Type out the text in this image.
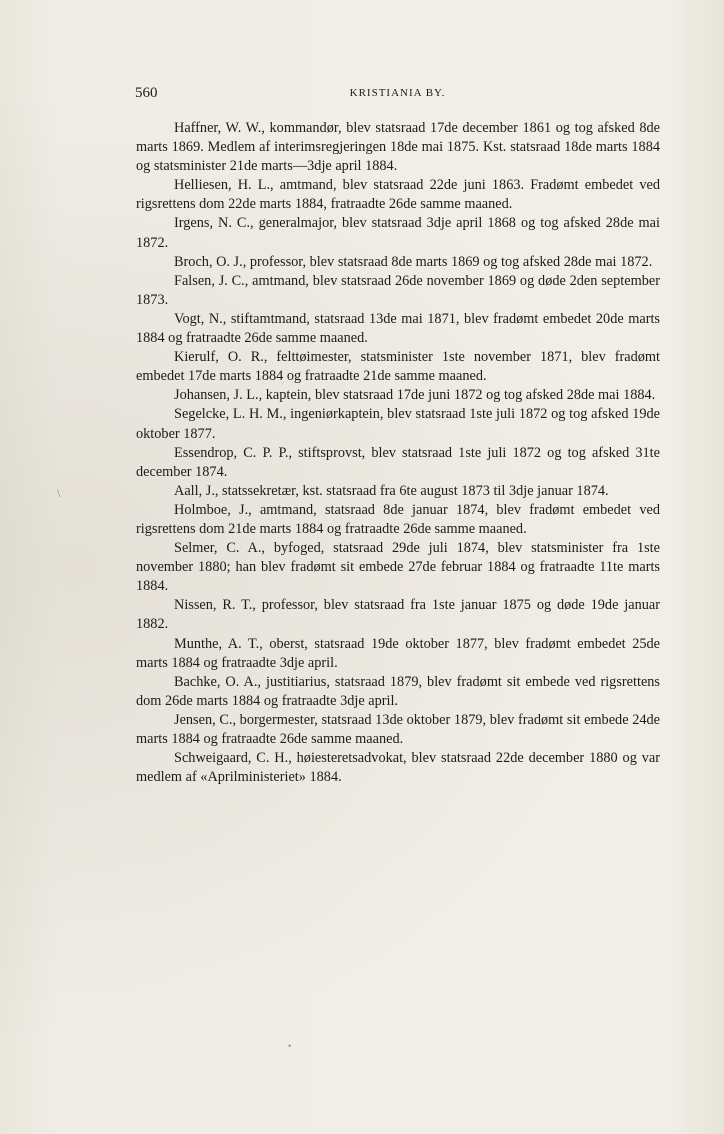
560	KRISTIANIA BY.

Haffner, W. W., kommandør, blev statsraad 17de december 1861 og tog afsked 8de marts 1869. Medlem af interimsregjeringen 18de mai 1875. Kst. statsraad 18de marts 1884 og statsminister 21de marts—3dje april 1884.

Helliesen, H. L., amtmand, blev statsraad 22de juni 1863. Fradømt embedet ved rigsrettens dom 22de marts 1884, fratraadte 26de samme maaned.

Irgens, N. C., generalmajor, blev statsraad 3dje april 1868 og tog afsked 28de mai 1872.

Broch, O. J., professor, blev statsraad 8de marts 1869 og tog afsked 28de mai 1872.

Falsen, J. C., amtmand, blev statsraad 26de november 1869 og døde 2den september 1873.

Vogt, N., stiftamtmand, statsraad 13de mai 1871, blev fradømt embedet 20de marts 1884 og fratraadte 26de samme maaned.

Kierulf, O. R., felttøimester, statsminister 1ste november 1871, blev fradømt embedet 17de marts 1884 og fratraadte 21de samme maaned.

Johansen, J. L., kaptein, blev statsraad 17de juni 1872 og tog afsked 28de mai 1884.

Segelcke, L. H. M., ingeniørkaptein, blev statsraad 1ste juli 1872 og tog afsked 19de oktober 1877.

Essendrop, C. P. P., stiftsprovst, blev statsraad 1ste juli 1872 og tog afsked 31te december 1874.

Aall, J., statssekretær, kst. statsraad fra 6te august 1873 til 3dje januar 1874.

Holmboe, J., amtmand, statsraad 8de januar 1874, blev fradømt embedet ved rigsrettens dom 21de marts 1884 og fratraadte 26de samme maaned.

Selmer, C. A., byfoged, statsraad 29de juli 1874, blev statsminister fra 1ste november 1880; han blev fradømt sit embede 27de februar 1884 og fratraadte 11te marts 1884.

Nissen, R. T., professor, blev statsraad fra 1ste januar 1875 og døde 19de januar 1882.

Munthe, A. T., oberst, statsraad 19de oktober 1877, blev fradømt embedet 25de marts 1884 og fratraadte 3dje april.

Bachke, O. A., justitiarius, statsraad 1879, blev fradømt sit embede ved rigsrettens dom 26de marts 1884 og fratraadte 3dje april.

Jensen, C., borgermester, statsraad 13de oktober 1879, blev fradømt sit embede 24de marts 1884 og fratraadte 26de samme maaned.

Schweigaard, C. H., høiesteretsadvokat, blev statsraad 22de december 1880 og var medlem af «Aprilministeriet» 1884.

\
•
